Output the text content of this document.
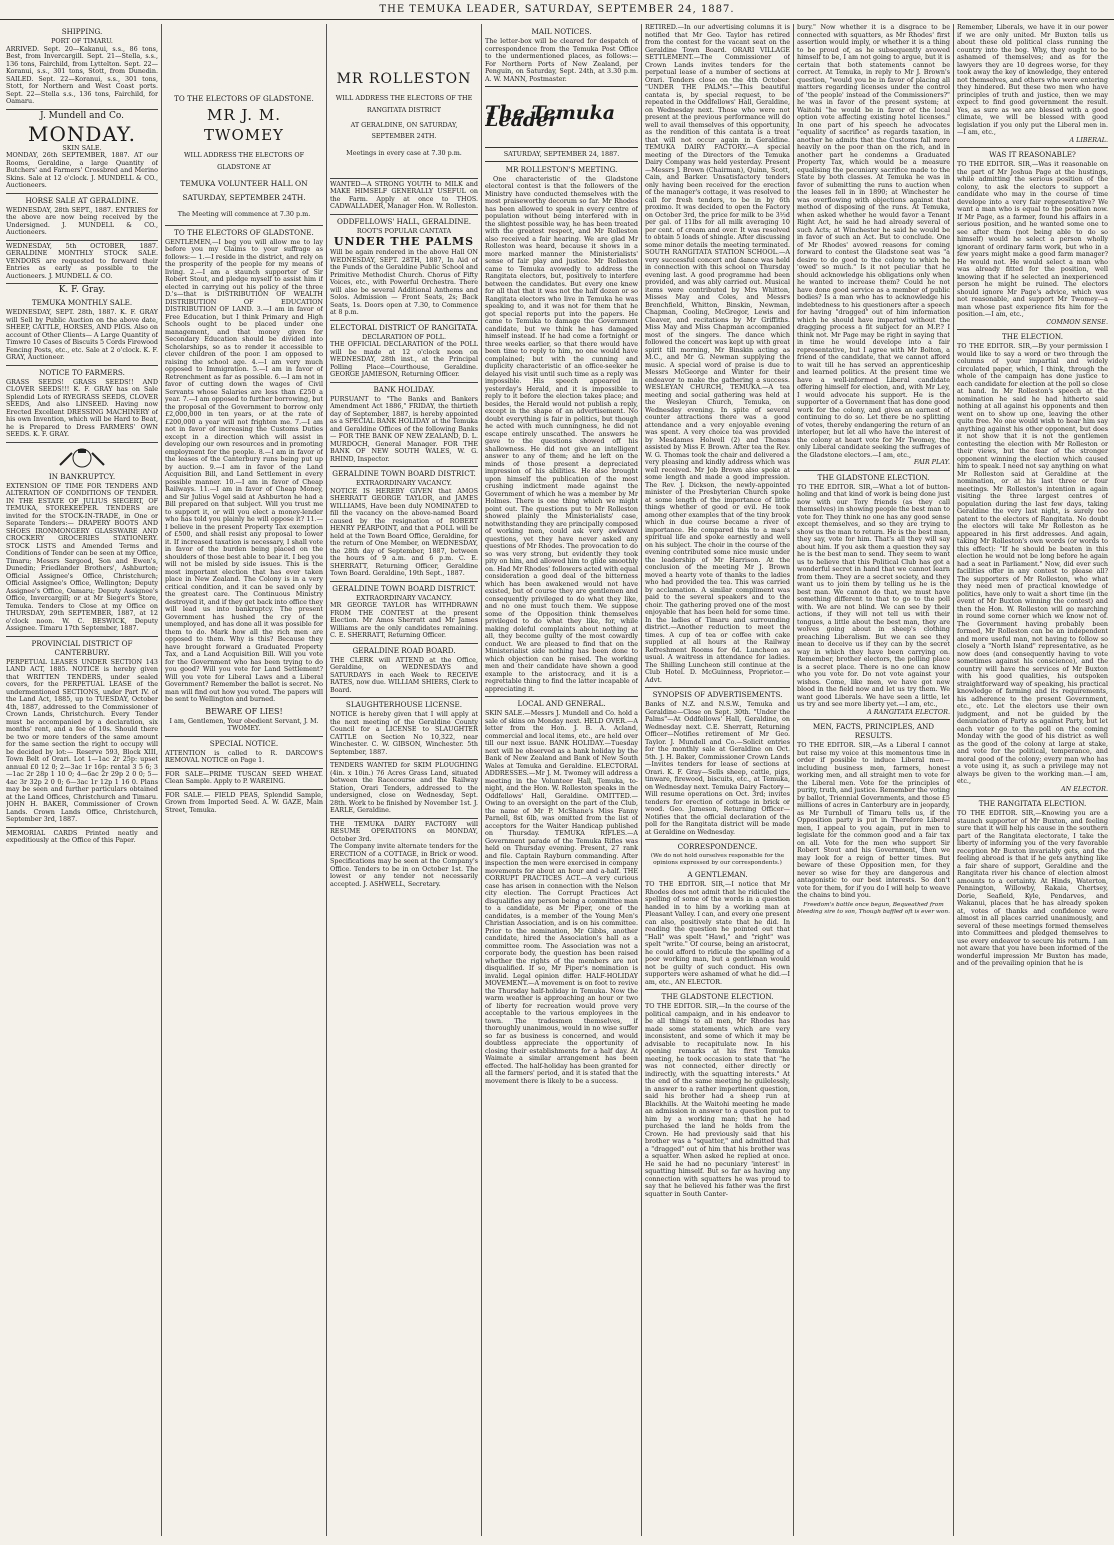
THE TEMUKA LEADER, SATURDAY, SEPTEMBER 24, 1887.
SHIPPING.
PORT OF TIMARU.
ARRIVED. Sept. 20—Kakanui, s.s., 86 tons, Best, from Invercargill. Sept. 21—Stella, s.s., 136 tons, Fairchild, from Lyttelton. Sept. 22—Koranui, s.s., 301 tons, Stott, from Dunedin. SAILED. Sept. 22—Koranui, s.s., 301 tons, Stott, for Northern and West Coast ports. Sept. 22—Stella s.s., 136 tons, Fairchild, for Oamaru.
J. Mundell and Co.
MONDAY.
SKIN SALE.
MONDAY, 26th SEPTEMBER, 1887. AT our Rooms, Geraldine, a large Quantity of Butchers' and Farmers' Crossbred and Merino Skins. Sale at 12 o'clock. J. MUNDELL & CO., Auctioneers.
HORSE SALE AT GERALDINE.
WEDNESDAY, 28th SEPT., 1887. ENTRIES for the above are now being received by the Undersigned. J. MUNDELL & CO., Auctioneers.
WEDNESDAY, 5th OCTOBER, 1887. GERALDINE MONTHLY STOCK SALE. VENDORS are requested to forward their Entries as early as possible to the Auctioneers. J. MUNDELL & CO.
K. F. Gray.
TEMUKA MONTHLY SALE.
WEDNESDAY, SEPT. 28th, 1887. K. F. GRAY will Sell by Public Auction on the above date, SHEEP, CATTLE, HORSES, AND PIGS. Also on account of Other Clients— A Large Quantity of Timwre 10 Cases of Biscuits 5 Cords Firewood Fencing Posts, etc., etc. Sale at 2 o'clock. K. F. GRAY, Auctioneer.
NOTICE TO FARMERS.
GRASS SEEDS! GRASS SEEDS!! AND CLOVER SEEDS!!! K. F. GRAY has on Sale Splendid Lots of RYEGRASS SEEDS, CLOVER SEEDS, And also LINSEED. Having now Erected Excellent DRESSING MACHINERY of his own Invention, which will be Hard to Beat, he is Prepared to Dress FARMERS' OWN SEEDS. K. F. GRAY.
IN BANKRUPTCY.
EXTENSION OF TIME FOR TENDERS AND ALTERATION OF CONDITIONS OF TENDER. IN THE ESTATE OF JULIUS SIEGERT, OF TEMUKA, STOREKEEPER. TENDERS are invited for the STOCK-IN-TRADE, in One or Separate Tenders:— DRAPERY BOOTS AND SHOES IRONMONGERY GLASSWARE AND CROCKERY GROCERIES STATIONERY. STOCK LISTS and Amended Terms and Conditions of Tender can be seen at my Office, Timaru; Messrs Sargood, Son and Ewen's, Dunedin; Friedlander Brothers', Ashburton; Official Assignee's Office, Christchurch; Official Assignee's Office, Wellington; Deputy Assignee's Office, Oamaru; Deputy Assignee's Office, Invercargill; or at Mr Siegert's Store, Temuka. Tenders to Close at my Office on THURSDAY, 29th SEPTEMBER, 1887, at 12 o'clock noon. W. C. BESWICK, Deputy Assignee. Timaru 17th September, 1887.
PROVINCIAL DISTRICT OF CANTERBURY.
PERPETUAL LEASES UNDER SECTION 143 LAND ACT, 1885. NOTICE is hereby given that WRITTEN TENDERS, under sealed covers, for the PERPETUAL LEASE of the undermentioned SECTIONS, under Part IV. of the Land Act, 1885, up to TUESDAY, October 4th, 1887, addressed to the Commissioner of Crown Lands, Christchurch. Every Tender must be accompanied by a declaration, six months' rent, and a fee of 10s. Should there be two or more tenders of the same amount for the same section the right to occupy will be decided by lot:— Reserve 593, Block XIII, Town Belt of Orari. Lot 1—1ac 2r 25p: upset annual £0 12 0; 2—3ac 1r 16p: rental 3 5 6; 3—1ac 2r 28p 1 10 0; 4—6ac 2r 29p 2 0 0; 5—4ac 3r 32p 2 0 0; 6—3ac 1r 12p 1 16 0. Plans may be seen and further particulars obtained at the Land Offices, Christchurch and Timaru. JOHN H. BAKER, Commissioner of Crown Lands. Crown Lands Office, Christchurch, September 3rd, 1887.
MEMORIAL CARDS Printed neatly and expeditiously at the Office of this Paper.
TO THE ELECTORS OF GLADSTONE.
MR J. M. TWOMEY
WILL ADDRESS THE ELECTORS OF GLADSTONE AT
TEMUKA VOLUNTEER HALL ON SATURDAY, SEPTEMBER 24TH.
The Meeting will commence at 7.30 p.m.
TO THE ELECTORS OF GLADSTONE.
GENTLEMEN,—I beg you will allow me to lay before you my Claims to your suffrage as follows:— 1.—I reside in the district, and rely on the prosperity of the people for my means of living. 2.—I am a staunch supporter of Sir Robert Stout, and pledge myself to assist him if elected in carrying out his policy of the three D.'s—that is DISTRIBUTION OF WEALTH DISTRIBUTION OF EDUCATION DISTRIBUTION OF LAND. 3.—I am in favor of Free Education, but I think Primary and High Schools ought to be placed under one management, and that money given for Secondary Education should be divided into Scholarships, so as to render it accessible to clever children of the poor. I am opposed to raising the school age. 4.—I am very much opposed to Immigration. 5.—I am in favor of Retrenchment as far as possible. 6.—I am not in favor of cutting down the wages of Civil Servants whose Salaries are less than £250 a year. 7.—I am opposed to further borrowing, but the proposal of the Government to borrow only £2,000,000 in ten years, or at the rate of £200,000 a year will not frighten me. 7.—I am not in favor of increasing the Customs Duties except in a direction which will assist in developing our own resources and in promoting employment for the people. 8.—I am in favor of the leases of the Canterbury runs being put up by auction. 9.—I am in favor of the Land Acquisition Bill, and Land Settlement in every possible manner. 10.—I am in favor of Cheap Railways. 11.—I am in favor of Cheap Money, and Sir Julius Vogel said at Ashburton he had a Bill prepared on that subject. Will you trust me to support it, or will you elect a money-lender who has told you plainly he will oppose it? 11.—I believe in the present Property Tax exemption of £500, and shall resist any proposal to lower it. If increased taxation is necessary, I shall vote in favor of the burden being placed on the shoulders of those best able to bear it. I beg you will not be misled by side issues. This is the most important election that has ever taken place in New Zealand. The Colony is in a very critical condition, and it can be saved only by the greatest care. The Continuous Ministry destroyed it, and if they get back into office they will lead us into bankruptcy. The present Government has hushed the cry of the unemployed, and has done all it was possible for them to do. Mark how all the rich men are opposed to them. Why is this? Because they have brought forward a Graduated Property Tax, and a Land Acquisition Bill. Will you vote for the Government who has been trying to do you good? Will you vote for Land Settlement? Will you vote for Liberal Laws and a Liberal Government? Remember the ballot is secret. No man will find out how you voted. The papers will be sent to Wellington and burned.
BEWARE OF LIES!
I am, Gentlemen, Your obedient Servant, J. M. TWOMEY.
SPECIAL NOTICE.
ATTENTION is called to R. DARCOW'S REMOVAL NOTICE on Page 1.
FOR SALE—PRIME TUSCAN SEED WHEAT. Clean Sample. Apply to P. WAREING.
FOR SALE.— FIELD PEAS, Splendid Sample, Grown from Imported Seed. A. W. GAZE, Main Street, Temuka.
MR ROLLESTON
WILL ADDRESS THE ELECTORS OF THE RANGITATA DISTRICT
AT GERALDINE, ON SATURDAY, SEPTEMBER 24TH.
Meetings in every case at 7.30 p.m.
WANTED—A STRONG YOUTH to MILK and MAKE HIMSELF GENERALLY USEFUL on the Farm. Apply at once to THOS. CADWALLADER, Manager Hon. W. Rolleston.
ODDFELLOWS' HALL, GERALDINE.
ROOT'S POPULAR CANTATA
UNDER THE PALMS
Will be again rendered in the above Hall ON WEDNESDAY, SEPT. 28TH, 1887, In Aid of the Funds of the Geraldine Public School and Primitive Methodist Church. Chorus of Fifty Voices, etc., with Powerful Orchestra. There will also be several Additional Anthems and Solos. Admission — Front Seats, 2s; Back Seats, 1s. Doors open at 7.30, to Commence at 8 p.m.
ELECTORAL DISTRICT OF RANGITATA.
DECLARATION OF POLL.
THE OFFICIAL DECLARATION of the POLL will be made at 12 o'clock noon on WEDNESDAY, 28th inst., at the Principal Polling Place—Courthouse, Geraldine. GEORGE JAMIESON, Returning Officer.
BANK HOLIDAY.
PURSUANT to "The Banks and Bankers Amendment Act 1886," FRIDAY, the thirtieth day of September, 1887, is hereby appointed as a SPECIAL BANK HOLIDAY at the Temuka and Geraldine Offices of the following Banks— FOR THE BANK OF NEW ZEALAND, D. L. MURDOCH, General Manager. FOR THE BANK OF NEW SOUTH WALES, W. G. RHIND, Inspector.
GERALDINE TOWN BOARD DISTRICT.
EXTRAORDINARY VACANCY.
NOTICE IS HEREBY GIVEN that AMOS SHERRATT GEORGE TAYLOR, and JAMES WILLIAMS, Have been duly NOMINATED to fill the vacancy on the above-named Board caused by the resignation of ROBERT HENRY PEARPOINT, and that a POLL will be held at the Town Board Office, Geraldine, for the return of One Member, on WEDNESDAY, the 28th day of September, 1887, between the hours of 9 a.m. and 6 p.m. C. E. SHERRATT, Returning Officer, Geraldine Town Board. Geraldine, 19th Sept., 1887.
GERALDINE TOWN BOARD DISTRICT.
EXTRAORDINARY VACANCY.
MR GEORGE TAYLOR has WITHDRAWN FROM THE CONTEST at the present Election. Mr Amos Sherratt and Mr James Williams are the only candidates remaining. C. E. SHERRATT, Returning Officer.
GERALDINE ROAD BOARD.
THE CLERK will ATTEND at the Office, Geraldine, on WEDNESDAYS and SATURDAYS in each Week to RECEIVE RATES, now due. WILLIAM SHIERS, Clerk to Board.
SLAUGHTERHOUSE LICENSE.
NOTICE is hereby given that I will apply at the next meeting of the Geraldine County Council for a LICENSE to SLAUGHTER CATTLE on Section No 10,322, near Winchester. C. W. GIBSON, Winchester. 5th September, 1887.
TENDERS WANTED for SKIM PLOUGHING (4in. x 10in.) 76 Acres Grass Land, situated between the Racecourse and the Railway Station, Orari Tenders, addressed to the undersigned, close on Wednesday, Sept. 28th. Work to be finished by November 1st. J. EARLE, Geraldine.
THE TEMUKA DAIRY FACTORY will RESUME OPERATIONS on MONDAY, October 3rd.
The Company invite alternate tenders for the ERECTION of a COTTAGE, in Brick or wood. Specifications may be seen at the Company's Office. Tenders to be in on October 1st. The lowest or any tender not necessarily accepted. J. ASHWELL, Secretary.
MAIL NOTICES.
The letter-box will be cleared for despatch of correspondence from the Temuka Post Office to the undermentioned places, as follows:— For Northern Ports of New Zealand, per Penguin, on Saturday, Sept. 24th, at 3.30 p.m. A. W. MANN, Postmaster.
The Temuka Leader
SATURDAY, SEPTEMBER 24, 1887.
MR ROLLESTON'S MEETING.
One characteristic of the Gladstone electoral contest is that the followers of the Ministry have conducted themselves with the most praiseworthy decorum so far. Mr Rhodes has been allowed to speak in every centre of population without being interfered with in the slightest possible way, he has been treated with the greatest respect, and Mr Rolleston also received a fair hearing. We are glad Mr Rolleston was heard, because it shows in a more marked manner the Ministerialists' sense of fair play and justice. Mr Rolleston came to Temuka avowedly to address the Rangitata electors, but, positively to interfere between the candidates. But every one knew for all that that it was not the half dozen or so Rangitata electors who live in Temuka he was speaking to, and it was not for them that he got special reports put into the papers. He came to Temuka to damage the Government candidate, but we think he has damaged himself instead. If he had come a fortnight or three weeks earlier, so that there would have been time to reply to him, no one would have complained; but with the cunning and duplicity characteristic of an office-seeker he delayed his visit until such time as a reply was impossible. His speech appeared in yesterday's Herald, and it is impossible to reply to it before the election takes place; and besides, the Herald would not publish a reply, except in the shape of an advertisement. No doubt everything is fair in politics, but though he acted with much cunningness, he did not escape entirely unscathed. The answers he gave to the questions showed off his shallowness. He did not give an intelligent answer to any of them; and he left on the minds of those present a depreciated impression of his abilities. He also brought upon himself the publication of the most crushing indictment made against the Government of which he was a member by Mr Holmes. There is one thing which we might point out. The questions put to Mr Rolleston showed plainly the Ministerialists' case, notwithstanding they are principally composed of working men, could ask very awkward questions, yet they have never asked any questions of Mr Rhodes. The provocation to do so was very strong, but evidently they took pity on him, and allowed him to glide smoothly on. Had Mr Rhodes' followers acted with equal consideration a good deal of the bitterness which has been awakened would not have existed, but of course they are gentlemen and consequently privileged to do what they like, and no one must touch them. We suppose some of the Opposition think themselves privileged to do what they like, for, while making doleful complaints about nothing at all, they become guilty of the most cowardly conduct. We are pleased to find that on the Ministerialist side nothing has been done to which objection can be raised. The working men and their candidate have shown a good example to the aristocracy, and it is a regrettable thing to find the latter incapable of appreciating it.
LOCAL AND GENERAL.
SKIN SALE.—Messrs J. Mundell and Co. hold a sale of skins on Monday next. HELD OVER.—A letter from the Hon. J. B. A. Acland, commercial and local items, etc., are held over till our next issue. BANK HOLIDAY.—Tuesday next will be observed as a bank holiday by the Bank of New Zealand and Bank of New South Wales at Temuka and Geraldine. ELECTORAL ADDRESSES.—Mr J. M. Twomey will address a meeting in the Volunteer Hall, Temuka, to-night, and the Hon. W. Rolleston speaks in the Oddfellows' Hall, Geraldine. OMITTED.—Owing to an oversight on the part of the Club, the name of Mr P. McShane's Miss Fanny Parnell, 8st 6lb, was omitted from the list of acceptors for the Waiter Handicap published on Thursday. TEMUKA RIFLES.—A Government parade of the Temuka Rifles was held on Thursday evening. Present, 27 rank and file. Captain Rayburn commanding. After inspection the men were exercised in company movements for about an hour and a-half. THE CORRUPT PRACTICES ACT.—A very curious case has arisen in connection with the Nelson city election. The Corrupt Practices Act disqualifies any person being a committee man to a candidate, as Mr Piper, one of the candidates, is a member of the Young Men's Christian Association, and is on his committee. Prior to the nomination, Mr Gibbs, another candidate, hired the Association's hall as a committee room. The Association was not a corporate body, the question has been raised whether the rights of the members are not disqualified. If so, Mr Piper's nomination is invalid. Legal opinion differ. HALF-HOLIDAY MOVEMENT.—A movement is on foot to revive the Thursday half-holiday in Temuka. Now the warm weather is approaching an hour or two of liberty for recreation would prove very acceptable to the various employees in the town. The tradesmen themselves, if thoroughly unanimous, would in no wise suffer so far as business is concerned, and would doubtless appreciate the opportunity of closing their establishments for a half day. At Waimate a similar arrangement has been effected. The half-holiday has been granted for all the farmers' period, and it is stated that the movement there is likely to be a success.
RETIRED.—In our advertising columns it is notified that Mr Geo. Taylor has retired from the contest for the vacant seat on the Geraldine Town Board. ORARI VILLAGE SETTLEMENT.—The Commissioner of Crown Lands invites tenders for the perpetual lease of a number of sections at Orari. Tenders close on the 4th October. "UNDER THE PALMS."—This beautiful cantata is, by special request, to be repeated in the Oddfellows' Hall, Geraldine, on Wednesday next. Those who were not present at the previous performance will do well to avail themselves of this opportunity, as the rendition of this cantata is a treat that will not occur again in Geraldine. TEMUKA DAIRY FACTORY.—A special meeting of the Directors of the Temuka Dairy Company was held yesterday. Present—Messrs J. Brown (Chairman), Quinn, Scott, Cain, and Barker. Unsatisfactory tenders only having been received for the erection of the manager's cottage, it was resolved to call for fresh tenders, to be in by 6th proximo. It was decided to open the Factory on October 3rd, the price for milk to be 3½d per gal. of 11lbs for all milk averaging 10 per cent. of cream and over. It was resolved to obtain 5 loads of shingle. After discussing some minor details the meeting terminated. SOUTH RANGITATA STATION SCHOOL.—A very successful concert and dance was held in connection with this school on Thursday evening last. A good programme had been provided, and was ably carried out. Musical items were contributed by Mrs Whitton, Misses May and Coles, and Messrs Brenchfield, Whitton, Binskin, Newman, Chapman, Cooling, McGregor, Lewis and Cleaver, and recitations by Mr Griffiths. Miss May and Miss Chapman accompanied most of the singers. The dance which followed the concert was kept up with great spirit till morning, Mr Binskin acting as M.C., and Mr G. Newman supplying the music. A special word of praise is due to Messrs McGeorge and Winter for their endeavor to make the gathering a success. WESLEYAN CHURCH, TEMUKA.—A tea meeting and social gathering was held at the Wesleyan Church, Temuka, on Wednesday evening. In spite of several counter attractions there was a good attendance and a very enjoyable evening was spent. A very choice tea was provided by Mesdames Holwell (2) and Thomas assisted by Miss F. Brown. After tea the Rev. W. G. Thomas took the chair and delivered a very pleasing and kindly address which was well received. Mr Job Brown also spoke at some length and made a good impression. The Rev. J. Dickson, the newly-appointed minister of the Presbyterian Church spoke at some length of the importance of little things whether of good or evil. He took among other examples that of the tiny brook which in due course became a river of importance. He compared this to a man's spiritual life and spoke earnestly and well on his subject. The choir in the course of the evening contributed some nice music under the leadership of Mr Harrison. At the conclusion of the meeting Mr J. Brown moved a hearty vote of thanks to the ladies who had provided the tea. This was carried by acclamation. A similar compliment was paid to the several speakers and to the choir. The gathering proved one of the most enjoyable that has been held for some time. In the ladies of Timaru and surrounding district.—Another reduction to meet the times. A cup of tea or coffee with cake supplied at all hours at the Railway Refreshment Rooms for 6d. Luncheon as usual. A waitress in attendance for ladies. The Shilling Luncheon still continue at the Club Hotel. D. McGuinness, Proprietor.—Advt.
SYNOPSIS OF ADVERTISEMENTS.
Banks of N.Z. and N.S.W., Temuka and Geraldine—Close on Sept. 30th. "Under the Palms"—At Oddfellows' Hall, Geraldine, on Wednesday next. C.E. Sherratt, Returning Officer—Notifies retirement of Mr Geo. Taylor. J. Mundell and Co.—Solicit entries for the monthly sale at Geraldine on Oct. 5th. J. H. Baker, Commissioner Crown Lands—Invites tenders for lease of sections at Orari. K. F. Gray—Sells sheep, cattle, pigs, tinware, firewood, biscuits, etc., at Temuka, on Wednesday next. Temuka Dairy Factory—Will resume operations on Oct. 3rd; invites tenders for erection of cottage in brick or wood. Geo. Jameson, Returning Officer—Notifies that the official declaration of the poll for the Rangitata district will be made at Geraldine on Wednesday.
CORRESPONDENCE.
(We do not hold ourselves responsible for the opinions expressed by our correspondents.)
A GENTLEMAN.
TO THE EDITOR. SIR,—I notice that Mr Rhodes does not admit that he ridiculed the spelling of some of the words in a question handed in to him by a working man at Pleasant Valley. I can, and every one present can also, positively state that he did. In reading the question he pointed out that "Hall" was spelt "Hawl," and "right" was spelt "write." Of course, being an aristocrat, he could afford to ridicule the spelling of a poor working man, but a gentleman would not be guilty of such conduct. His own supporters were ashamed of what he did.—I am, etc., AN ELECTOR.
THE GLADSTONE ELECTION.
TO THE EDITOR. SIR,—In the course of the political campaign, and in his endeavor to be all things to all men, Mr Rhodes has made some statements which are very inconsistent, and some of which it may be advisable to recapitulate now. In his opening remarks at his first Temuka meeting, he took occasion to state that "he was not connected, either directly or indirectly, with the squatting interests." At the end of the same meeting he guilelessly, in answer to a rather impertinent question, said his brother had a sheep run at Blackhills. At the Waitohi meeting he made an admission in answer to a question put to him by a working man; that he had purchased the land he holds from the Crown. He had previously said that his brother was a "squatter," and admitted that a "dragged" out of him that his brother was a squatter. When asked he replied at once. He said he had no pecuniary 'interest' in squatting himself. But so far as having any connection with squatters he was proud to say that he believed his father was the first squatter in South Canter-
bury." Now whether it is a disgrace to be connected with squatters, as Mr Rhodes' first assertion would imply, or whether it is a thing to be proud of, as he subsequently avowed himself to be, I am not going to argue, but it is certain that both statements cannot be correct. At Temuka, in reply to Mr J. Brown's question, "would you be in favor of placing all matters regarding licenses under the control of 'the people' instead of the Commissioners?" he was in favor of the present system; at Waitohi "he would be in favor of the local option vote affecting existing hotel licenses." In one part of his speech he advocates "equality of sacrifice" as regards taxation, in another he admits that the Customs fall more heavily on the poor than on the rich, and in another part he condemns a Graduated Property Tax, which would be a measure equalising the pecuniary sacrifice made to the State by both classes. At Temuka he was in favor of submitting the runs to auction when the leases fell in in 1890; at Winchester he was overflowing with objections against that method of disposing of the runs. At Temuka, when asked whether he would favor a Tenant Right Act, he said he had already several of such Acts; at Winchester he said he would be in favor of such an Act. But to conclude. One of Mr Rhodes' avowed reasons for coming forward to contest the Gladstone seat was "a desire to do good to the colony to which he 'owed' so much." Is it not peculiar that he should acknowledge his obligations only when he wanted to increase them? Could he not have done good service as a member of public bodies? Is a man who has to acknowledge his indebtedness to his questioners after a speech for having "dragged" out of him information which he should have imparted without the dragging process a fit subject for an M.P.? I think not. Mr Page may be right in saying that in time he would develope into a fair representative, but I agree with Mr Bolton, a friend of the candidate, that we cannot afford to wait till he has served an apprenticeship and learned politics. At the present time we have a well-informed Liberal candidate offering himself for election, and, with Mr Ley, I would advocate his support. He is the supporter of a Government that has done good work for the colony, and gives an earnest of continuing to do so. Let there be no splitting of votes, thereby endangering the return of an interloper, but let all who have the interest of the colony at heart vote for Mr Twomey, the only Liberal candidate seeking the suffrages of the Gladstone electors.—I am, etc.,
FAIR PLAY.
THE GLADSTONE ELECTION.
TO THE EDITOR. SIR,—What a lot of button-holing and that kind of work is being done just now with our Tory friends (as they call themselves) in showing people the best man to vote for. They think no one has any good sense except themselves, and so they are trying to show us the man to return. He is the best man, they say, vote for him. That's all they will say about him. If you ask them a question they say he is the best man to send. They seem to want us to believe that this Political Club has got a wonderful secret in hand that we cannot learn from them. They are a secret society, and they want us to join them by telling us he is the best man. We cannot do that, we must have something different to that to go to the poll with. We are not blind. We can see by their actions, if they will not tell us with their tongues, a little about the best man, they are wolves going about in sheep's clothing preaching Liberalism. But we can see they mean to deceive us if they can by the secret way in which they have been carrying on. Remember, brother electors, the polling place is a secret place. There is no one can know who you vote for. Do not vote against your wishes. Come, like men, we have got new blood in the field now and let us try them. We want good Liberals. We have seen a little, let us try and see more liberty yet.—I am, etc.,
A RANGITATA ELECTOR.
MEN, FACTS, PRINCIPLES, AND RESULTS.
TO THE EDITOR. SIR,—As a Liberal I cannot but raise my voice at this momentous time in order if possible to induce Liberal men—including business men, farmers, honest working men, and all straight men to vote for the Liberal men. Vote for the principles of purity, truth, and justice. Remember the voting by ballot, Triennial Governments, and those £5 millions of acres in Canterbury are in jeopardy, as Mr Turnbull of Timaru tells us, if the Opposition party is put in Therefore Liberal men, I appeal to you again, put in men to legislate for the common good and a fair tax on all. Vote for the men who support Sir Robert Stout and his Government, then we may look for a reign of better times. But beware of these Opposition men, for they never so wise for they are dangerous and antagonistic to our best interests. So don't vote for them, for if you do I will help to weave the chains to bind you.
Freedom's battle once begun, Bequeathed from bleeding sire to son, Though baffled oft is ever won.
Remember, Liberals, we have it in our power if we are only united. Mr Buxton tells us about these old political class running the country into the bog. Why, they ought to be ashamed of themselves; and as for the lawyers they are 10 degrees worse, for they took away the key of knowledge, they entered not themselves, and others who were entering they hindered. But these two men who have principles of truth and justice, then we may expect to find good government the result. Yes, as sure as we are blessed with a good climate, we will be blessed with good legislation if you only put the Liberal men in.—I am, etc.,
A LIBERAL.
WAS IT REASONABLE?
TO THE EDITOR. SIR,—Was it reasonable on the part of Mr Joshua Page at the hustings, while admitting the serious position of the colony, to ask the electors to support a candidate who may in the course of time develope into a very fair representative? We want a man who is equal to the position now. If Mr Page, as a farmer, found his affairs in a serious position, and he wanted some one to see after them (not being able to do so himself) would he select a person wholly ignorant of ordinary farm work, but who in a few years might make a good farm manager? He would not. He would select a man who was already fitted for the position, well knowing that if he selected an inexperienced person he might be ruined. The electors should ignore Mr Page's advice, which was not reasonable, and support Mr Twomey—a man whose past experience fits him for the position.—I am, etc.,
COMMON SENSE.
THE ELECTION.
TO THE EDITOR. SIR,—By your permission I would like to say a word or two through the columns of your impartial and widely circulated paper, which, I think, through the whole of the campaign has done justice to each candidate for election at the poll so close at hand. In Mr Rolleston's speech at the nomination he said he had hitherto said nothing at all against his opponents and then went on to show up one, leaving the other quite free. No one would wish to hear him say anything against his other opponent, but does it not show that it is not the gentlemen contesting the election with Mr Rolleston or their views, but the fear of the stronger opponent winning the election which caused him to speak. I need not say anything on what Mr Rolleston said at Geraldine at the nomination, or at his last three or four meetings. Mr Rolleston's intention in again visiting the three largest centres of population during the last few days, taking Geraldine the very last night, is surely too patent to the electors of Rangitata. No doubt the electors will take Mr Rolleston as he appeared in his first addresses. And again, taking Mr Rolleston's own words (or words to this effect): "If he should be beaten in this election he would not be long before he again had a seat in Parliament." Now, did ever such facilities offer in any contest to please all? The supporters of Mr Rolleston, who what they need men of practical knowledge of politics, have only to wait a short time (in the event of Mr Buxton winning the contest) and then the Hon. W. Rolleston will go marching in round some corner which we know not of. The Government having probably been formed, Mr Rolleston can be an independent and more useful man, not having to follow so closely a "North Island" representative, as he now does (and consequently having to vote sometimes against his conscience), and the country will have the services of Mr Buxton with his good qualities, his outspoken straightforward way of speaking, his practical knowledge of farming and its requirements, his adherence to the present Government, etc., etc. Let the electors use their own judgment, and not be guided by the denunciation of Party as against Party, but let each voter go to the poll on the coming Monday with the good of his district as well as the good of the colony at large at stake, and vote for the political, temperance, and moral good of the colony; every man who has a vote using it, as such a privilege may not always be given to the working man.—I am, etc.,
AN ELECTOR.
THE RANGITATA ELECTION.
TO THE EDITOR. SIR,—Knowing you are a staunch supporter of Mr Buxton, and feeling sure that it will help his cause in the southern part of the Rangitata electorate, I take the liberty of informing you of the very favorable reception Mr Buxton invariably gets, and the feeling abroad is that if he gets anything like a fair share of support, Geraldine and the Rangitata river his chance of election almost amounts to a certainty. At Hinds, Waterton, Pennington, Willowby, Rakaia, Chertsey, Dorie, Seafield, Kyle, Pendarves, and Wakanui, places that he has already spoken at, votes of thanks and confidence were almost in all places carried unanimously, and several of these meetings formed themselves into Committees and pledged themselves to use every endeavor to secure his return. I am not aware that you have been informed of the wonderful impression Mr Buxton has made, and of the prevailing opinion that he is
